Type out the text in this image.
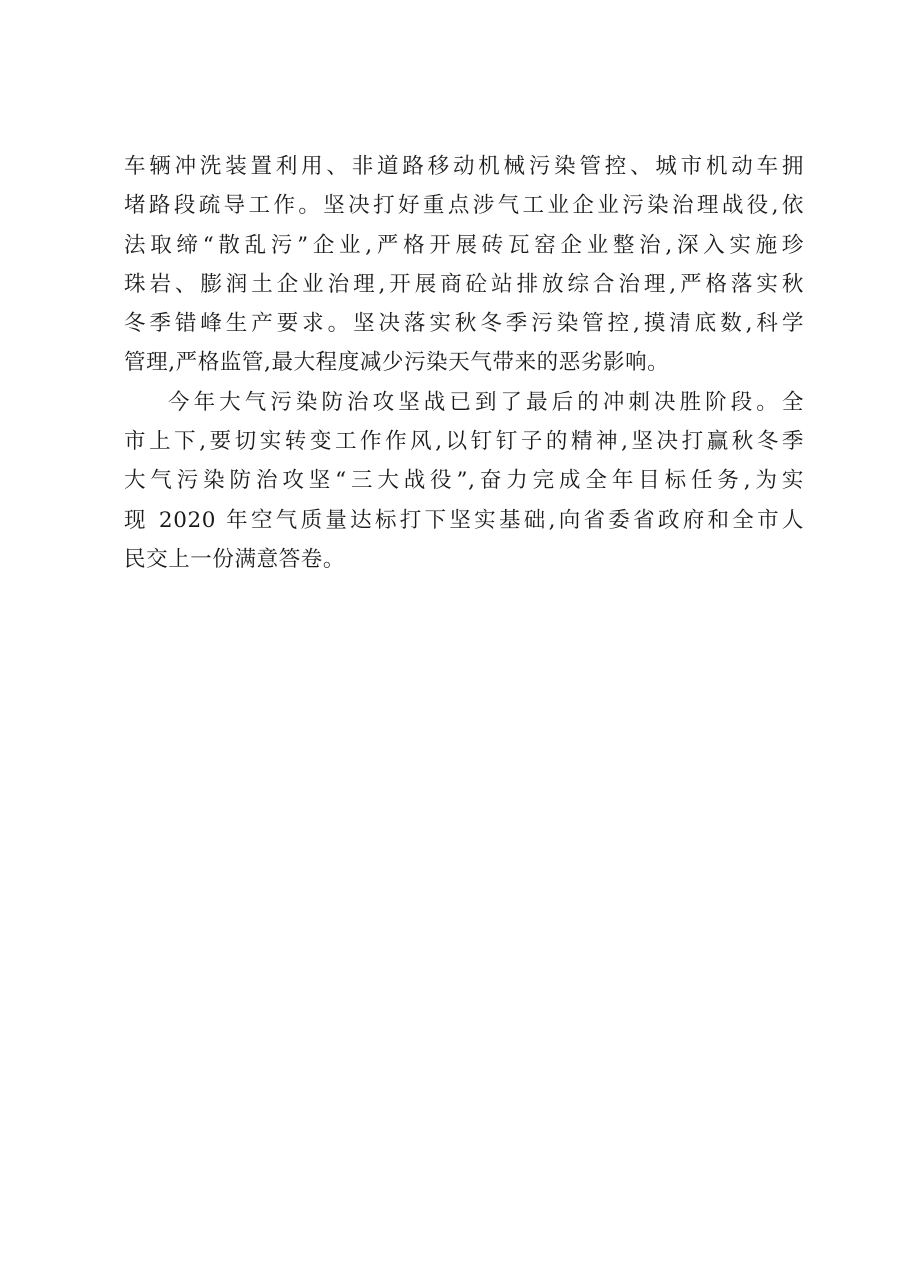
车辆冲洗装置利用、非道路移动机械污染管控、城市机动车拥
堵路段疏导工作。坚决打好重点涉气工业企业污染治理战役,依
法取缔“散乱污”企业,严格开展砖瓦窑企业整治,深入实施珍
珠岩、膨润土企业治理,开展商砼站排放综合治理,严格落实秋
冬季错峰生产要求。坚决落实秋冬季污染管控,摸清底数,科学
管理,严格监管,最大程度减少污染天气带来的恶劣影响。
今年大气污染防治攻坚战已到了最后的冲刺决胜阶段。全
市上下,要切实转变工作作风,以钉钉子的精神,坚决打赢秋冬季
大气污染防治攻坚“三大战役”,奋力完成全年目标任务,为实
现 2020 年空气质量达标打下坚实基础,向省委省政府和全市人
民交上一份满意答卷。
